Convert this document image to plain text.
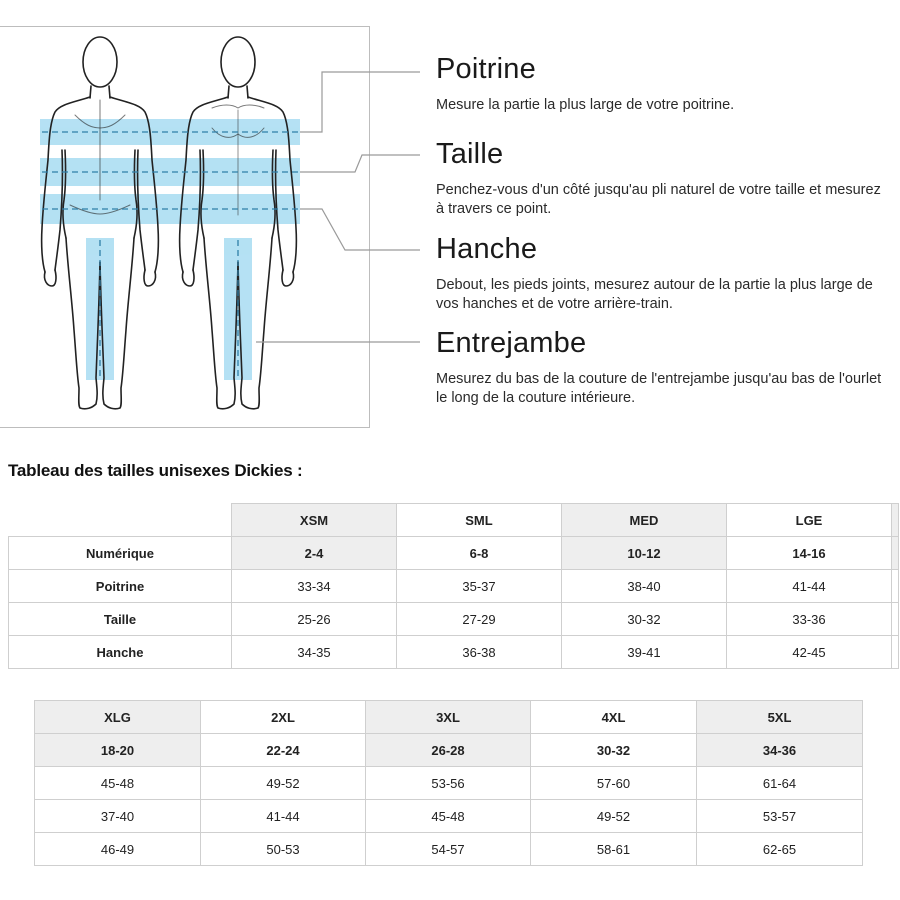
Poitrine

Mesure la partie la plus large de votre poitrine.

Taille

Penchez-vous d'un côté jusqu'au pli naturel de votre taille et mesurez à travers ce point.

Hanche

Debout, les pieds joints, mesurez autour de la partie la plus large de vos hanches et de votre arrière-train.

Entrejambe

Mesurez du bas de la couture de l'entrejambe jusqu'au bas de l'ourlet le long de la couture intérieure.

Tableau des tailles unisexes Dickies :
	XSM	SML	MED	LGE	
Numérique	2-4	6-8	10-12	14-16	
Poitrine	33-34	35-37	38-40	41-44	
Taille	25-26	27-29	30-32	33-36	
Hanche	34-35	36-38	39-41	42-45	
XLG	2XL	3XL	4XL	5XL
18-20	22-24	26-28	30-32	34-36
45-48	49-52	53-56	57-60	61-64
37-40	41-44	45-48	49-52	53-57
46-49	50-53	54-57	58-61	62-65
